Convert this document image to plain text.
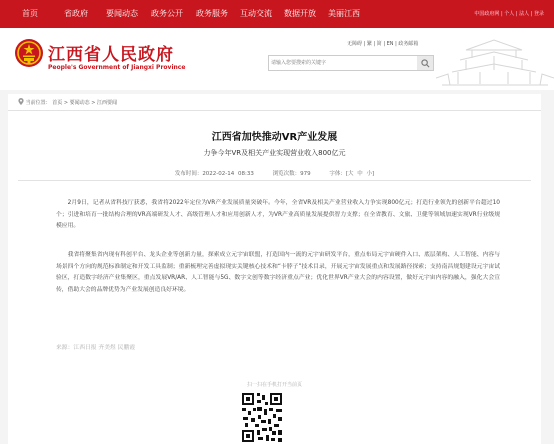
首页	省政府 要闻动态 政务公开 政务服务 互动交流 数据开放 美丽江西	中国政府网 | 个人 | 法人 | 登录
江西省人民政府
People's Government of Jiangxi Province
无障碍 | 繁 | 简 | EN | 政务邮箱
请输入您要搜索的关键字
当前位置： 首页 > 要闻动态 > 江西要闻
江西省加快推动VR产业发展
力争今年VR及相关产业实现营业收入800亿元
发布时间：2022-02-14 08:33	浏览次数：979	字体：[大 中 小]

2月9日，记者从省科技厅获悉，我省将2022年定位为VR产业发展质量突破年。今年，全省VR及相关产业营业收入力争实现800亿元；打造行业领先的创新平台超过10个；引进和培育一批结构合理的VR高端研发人才、高级管理人才和应用创新人才，为VR产业高质量发展提供智力支撑；在全省教育、文旅、卫健等领域加速实现VR行业级规模应用。

我省将聚集省内现有科创平台、龙头企业等创新力量，探索成立元宇宙联盟，打造国内一流的元宇宙研发平台，重点布局元宇宙硬件入口、底层架构、人工智能、内容与场景四个方向的规范标准制定和开发工具监制；重新梳理完善虚拟现实关键核心技术和“卡脖子”技术目录，开展元宇宙发展重点和发展路径探索；支持南昌规划建设元宇宙试验区，打造数字经济产业集聚区，重点发展VR/AR、人工智能与5G、数字文创等数字经济重点产业；优化世界VR产业大会的内容设置，做好元宇宙内容的融入，强化大会宣传，借助大会的品牌优势为产业发展创造良好环境。

来源：江西日报 齐美煜 民鹏霞
扫一扫在手机打开当前页
